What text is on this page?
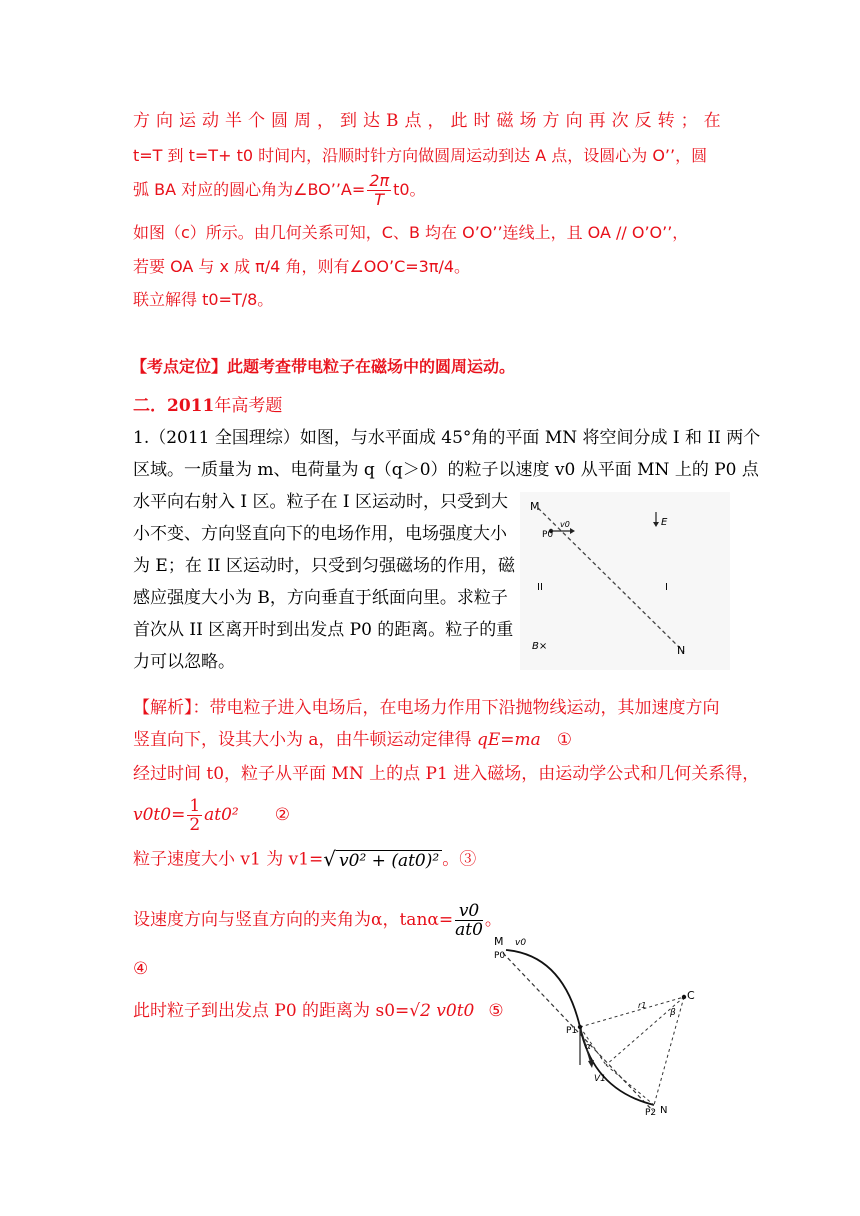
方 向 运 动 半 个 圆 周 ， 到 达 B 点 ， 此 时 磁 场 方 向 再 次 反 转 ； 在
t=T 到 t=T+ t0 时间内，沿顺时针方向做圆周运动到达 A 点，设圆心为 O’’，圆
弧 BA 对应的圆心角为∠BO’’A= $\frac{2\pi}{T} t0$。
如图（c）所示。由几何关系可知，C、B 均在 O’O’’连线上，且 OA // O’O’’，
若要 OA 与 x 成 π/4 角，则有∠OO’C=3π/4。
联立解得 t0=T/8。
【考点定位】此题考查带电粒子在磁场中的圆周运动。
二．2011年高考题
1.（2011 全国理综）如图，与水平面成 45°角的平面 MN 将空间分成 I 和 II 两个
区域。一质量为 m、电荷量为 q（q＞0）的粒子以速度 v0 从平面 MN 上的 P0 点
水平向右射入 I 区。粒子在 I 区运动时，只受到大
小不变、方向竖直向下的电场作用，电场强度大小
为 E；在 II 区运动时，只受到匀强磁场的作用，磁
感应强度大小为 B，方向垂直于纸面向里。求粒子
首次从 II 区离开时到出发点 P0 的距离。粒子的重
力可以忽略。
M
N
P0
v0	E
I
II
B×
【解析】：带电粒子进入电场后，在电场力作用下沿抛物线运动，其加速度方向
竖直向下，设其大小为 a，由牛顿运动定律得 qE=ma ①
经过时间 t0，粒子从平面 MN 上的点 P1 进入磁场，由运动学公式和几何关系得，
$v0t0= \frac{1}{2} at0^2$ ②
粒子速度大小 v1 为 v1=√ v0² + (at0)² 。③
设速度方向与竖直方向的夹角为α，$\tan\alpha= \frac{v0}{at0}$ 。
④
此时粒子到出发点 P0 的距离为 s0=√2 v0t0 ⑤
M v0
P0
C
r1
β
P1
α
V1
P2 N
